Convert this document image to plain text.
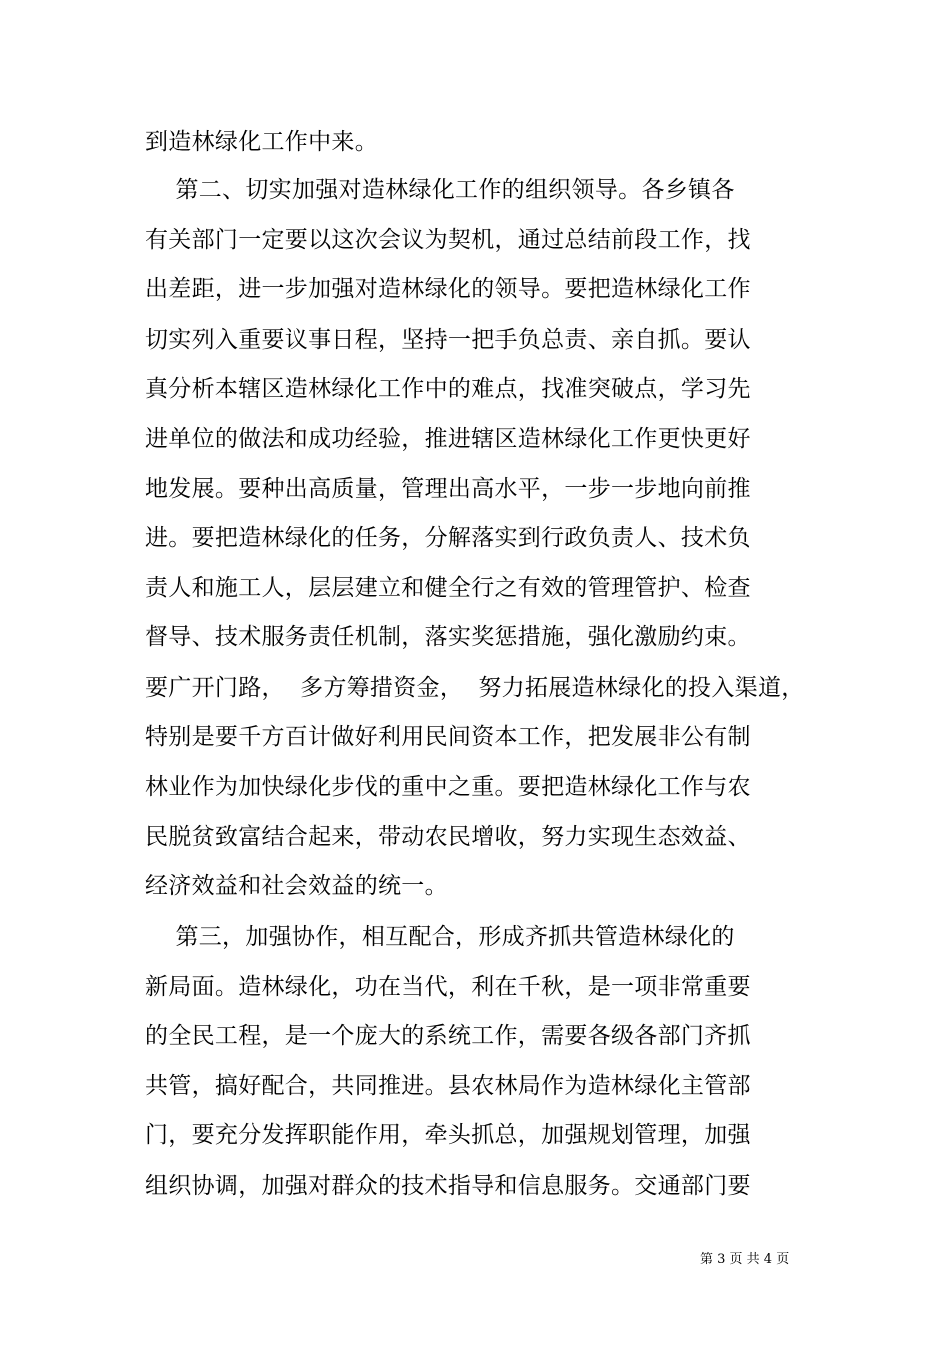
到造林绿化工作中来。
第二、切实加强对造林绿化工作的组织领导。各乡镇各
有关部门一定要以这次会议为契机，通过总结前段工作，找
出差距，进一步加强对造林绿化的领导。要把造林绿化工作
切实列入重要议事日程，坚持一把手负总责、亲自抓。要认
真分析本辖区造林绿化工作中的难点，找准突破点，学习先
进单位的做法和成功经验，推进辖区造林绿化工作更快更好
地发展。要种出高质量，管理出高水平，一步一步地向前推
进。要把造林绿化的任务，分解落实到行政负责人、技术负
责人和施工人，层层建立和健全行之有效的管理管护、检查
督导、技术服务责任机制，落实奖惩措施，强化激励约束。
要广开门路，  多方筹措资金，  努力拓展造林绿化的投入渠道，
特别是要千方百计做好利用民间资本工作，把发展非公有制
林业作为加快绿化步伐的重中之重。要把造林绿化工作与农
民脱贫致富结合起来，带动农民增收，努力实现生态效益、
经济效益和社会效益的统一。
第三，加强协作，相互配合，形成齐抓共管造林绿化的
新局面。造林绿化，功在当代，利在千秋，是一项非常重要
的全民工程，是一个庞大的系统工作，需要各级各部门齐抓
共管，搞好配合，共同推进。县农林局作为造林绿化主管部
门，要充分发挥职能作用，牵头抓总，加强规划管理，加强
组织协调，加强对群众的技术指导和信息服务。交通部门要
第 3 页 共 4 页
